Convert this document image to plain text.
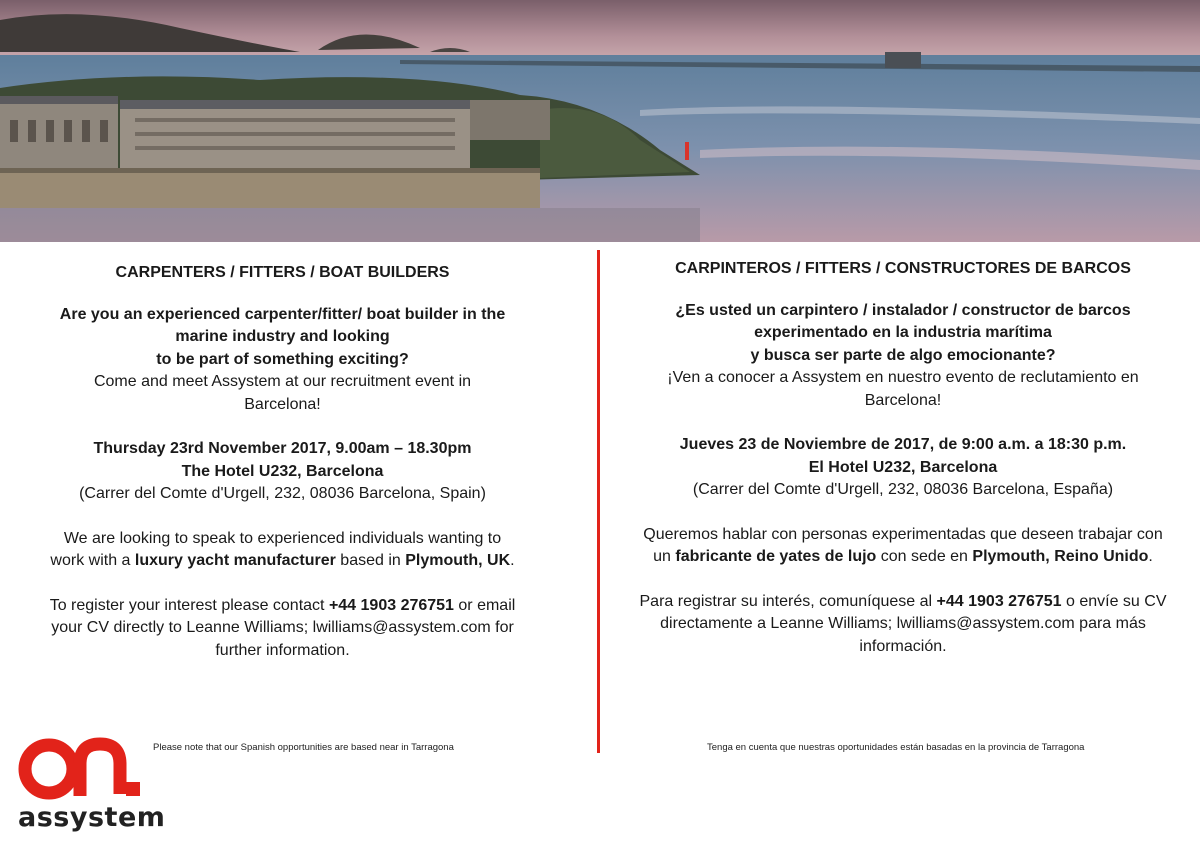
CARPENTERS / FITTERS / BOAT BUILDERS

Are you an experienced carpenter/fitter/ boat builder in the
marine industry and looking
to be part of something exciting?

Come and meet Assystem at our recruitment event in
Barcelona!

Thursday 23rd November 2017, 9.00am – 18.30pm

The Hotel U232, Barcelona

(Carrer del Comte d'Urgell, 232, 08036 Barcelona, Spain)

We are looking to speak to experienced individuals wanting to
work with a luxury yacht manufacturer based in Plymouth, UK.

To register your interest please contact +44 1903 276751 or email
your CV directly to Leanne Williams; lwilliams@assystem.com for
further information.

CARPINTEROS / FITTERS / CONSTRUCTORES DE BARCOS

¿Es usted un carpintero / instalador / constructor de barcos
experimentado en la industria marítima
y busca ser parte de algo emocionante?

¡Ven a conocer a Assystem en nuestro evento de reclutamiento en
Barcelona!

Jueves 23 de Noviembre de 2017, de 9:00 a.m. a 18:30 p.m.

El Hotel U232, Barcelona

(Carrer del Comte d'Urgell, 232, 08036 Barcelona, España)

Queremos hablar con personas experimentadas que deseen trabajar con
un fabricante de yates de lujo con sede en Plymouth, Reino Unido.

Para registrar su interés, comuníquese al +44 1903 276751 o envíe su CV
directamente a Leanne Williams; lwilliams@assystem.com para más
información.

Please note that our Spanish opportunities are based near in Tarragona	Tenga en cuenta que nuestras oportunidades están basadas en la provincia de Tarragona
assystem
